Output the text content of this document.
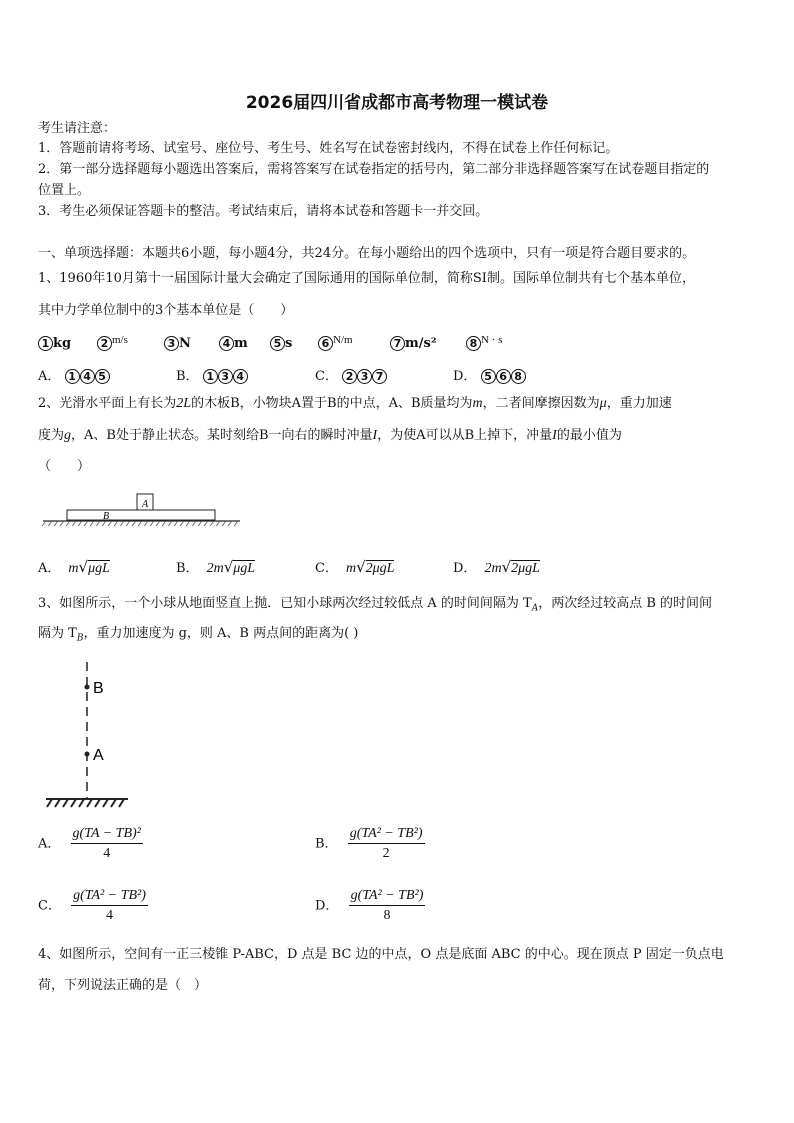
2026届四川省成都市高考物理一模试卷
考生请注意：
1．答题前请将考场、试室号、座位号、考生号、姓名写在试卷密封线内，不得在试卷上作任何标记。
2．第一部分选择题每小题选出答案后，需将答案写在试卷指定的括号内，第二部分非选择题答案写在试卷题目指定的
位置上。
3．考生必须保证答题卡的整洁。考试结束后，请将本试卷和答题卡一并交回。
一、单项选择题：本题共6小题，每小题4分，共24分。在每小题给出的四个选项中，只有一项是符合题目要求的。
1、1960年10月第十一届国际计量大会确定了国际通用的国际单位制，简称SI制。国际单位制共有七个基本单位，
其中力学单位制中的3个基本单位是（　　）
1 kg	2 $^{m/s}$	3 N	4 m	5 s	6 $^{N/m}$	7 m/s²	8 $^{N \cdot s}$
A． 1 4 5	B． 1 3 4	C． 2 3 7	D． 5 6 8
2、光滑水平面上有长为2L的木板B，小物块A置于B的中点，A、B质量均为m，二者间摩擦因数为μ，重力加速
度为g，A、B处于静止状态。某时刻给B一向右的瞬时冲量I，为使A可以从B上掉下，冲量I的最小值为
（　　）
A
B
A． m√μgL	B． 2m√μgL	C． m√2μgL	D． 2m√2μgL
3、如图所示，一个小球从地面竖直上抛．已知小球两次经过较低点 A 的时间间隔为 $T_A$，两次经过较高点 B 的时间间
隔为 $T_B$，重力加速度为 g，则 A、B 两点间的距离为( )
B
A
A． $\frac{\text{g(TA − TB)²}}{4}$	B． $\frac{\text{g(TA² − TB²)}}{2}$
C． $\frac{\text{g(TA² − TB²)}}{4}$	D． $\frac{\text{g(TA² − TB²)}}{8}$
4、如图所示，空间有一正三棱锥 P-ABC，D 点是 BC 边的中点，O 点是底面 ABC 的中心。现在顶点 P 固定一负点电
荷，下列说法正确的是（　）
